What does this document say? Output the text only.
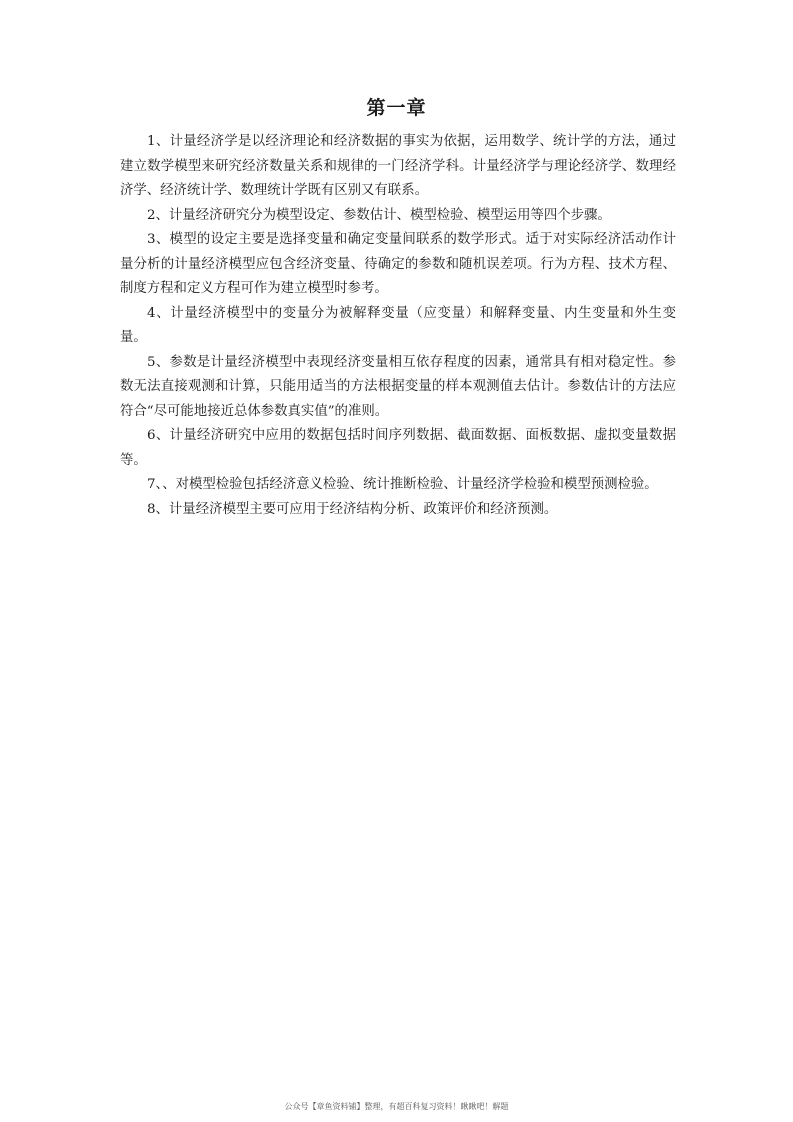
第一章

1、计量经济学是以经济理论和经济数据的事实为依据，运用数学、统计学的方法，通过建立数学模型来研究经济数量关系和规律的一门经济学科。计量经济学与理论经济学、数理经济学、经济统计学、数理统计学既有区别又有联系。

2、计量经济研究分为模型设定、参数估计、模型检验、模型运用等四个步骤。

3、模型的设定主要是选择变量和确定变量间联系的数学形式。适于对实际经济活动作计量分析的计量经济模型应包含经济变量、待确定的参数和随机误差项。行为方程、技术方程、制度方程和定义方程可作为建立模型时参考。

4、计量经济模型中的变量分为被解释变量（应变量）和解释变量、内生变量和外生变量。

5、参数是计量经济模型中表现经济变量相互依存程度的因素，通常具有相对稳定性。参数无法直接观测和计算，只能用适当的方法根据变量的样本观测值去估计。参数估计的方法应符合“尽可能地接近总体参数真实值”的准则。

6、计量经济研究中应用的数据包括时间序列数据、截面数据、面板数据、虚拟变量数据等。

7、、对模型检验包括经济意义检验、统计推断检验、计量经济学检验和模型预测检验。

8、计量经济模型主要可应用于经济结构分析、政策评价和经济预测。

公众号【章鱼资料铺】整理，有超百科复习资料！瞅瞅吧！解题
